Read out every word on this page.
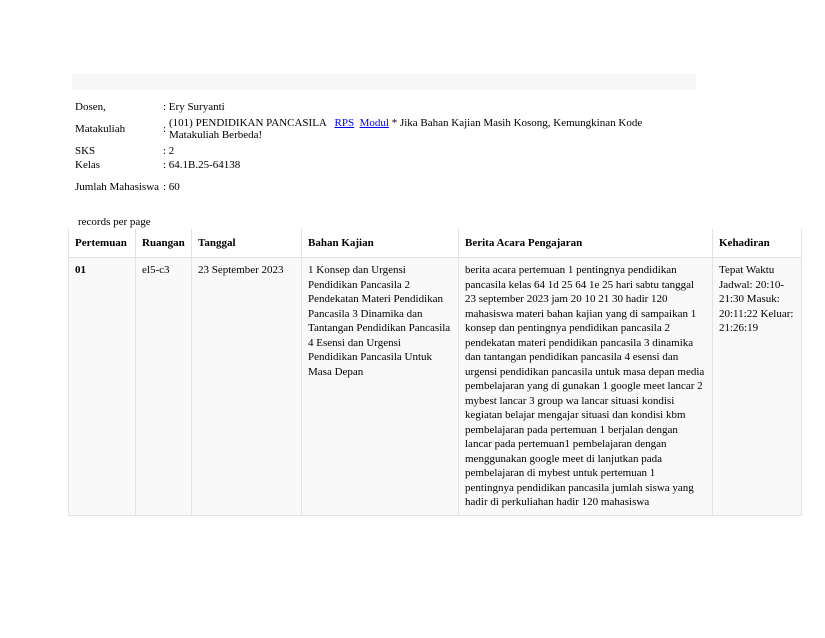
Dosen,	: Ery Suryanti
Matakuliah	: (101) PENDIDIKAN PANCASILA RPS Modul * Jika Bahan Kajian Masih Kosong, Kemungkinan Kode Matakuliah Berbeda!

SKS	: 2
Kelas	: 64.1B.25-64138
Jumlah Mahasiswa	: 60
records per page
Pertemuan	Ruangan	Tanggal	Bahan Kajian	Berita Acara Pengajaran	Kehadiran
01	el5-c3	23 September 2023	1 Konsep dan Urgensi Pendidikan Pancasila 2 Pendekatan Materi Pendidikan Pancasila 3 Dinamika dan Tantangan Pendidikan Pancasila 4 Esensi dan Urgensi Pendidikan Pancasila Untuk Masa Depan	berita acara pertemuan 1 pentingnya pendidikan pancasila kelas 64 1d 25 64 1e 25 hari sabtu tanggal 23 september 2023 jam 20 10 21 30 hadir 120 mahasiswa materi bahan kajian yang di sampaikan 1 konsep dan pentingnya pendidikan pancasila 2 pendekatan materi pendidikan pancasila 3 dinamika dan tantangan pendidikan pancasila 4 esensi dan urgensi pendidikan pancasila untuk masa depan media pembelajaran yang di gunakan 1 google meet lancar 2 mybest lancar 3 group wa lancar situasi kondisi kegiatan belajar mengajar situasi dan kondisi kbm pembelajaran pada pertemuan 1 berjalan dengan lancar pada pertemuan1 pembelajaran dengan menggunakan google meet di lanjutkan pada pembelajaran di mybest untuk pertemuan 1 pentingnya pendidikan pancasila jumlah siswa yang hadir di perkuliahan hadir 120 mahasiswa	Tepat Waktu Jadwal: 20:10-21:30 Masuk: 20:11:22 Keluar: 21:26:19
